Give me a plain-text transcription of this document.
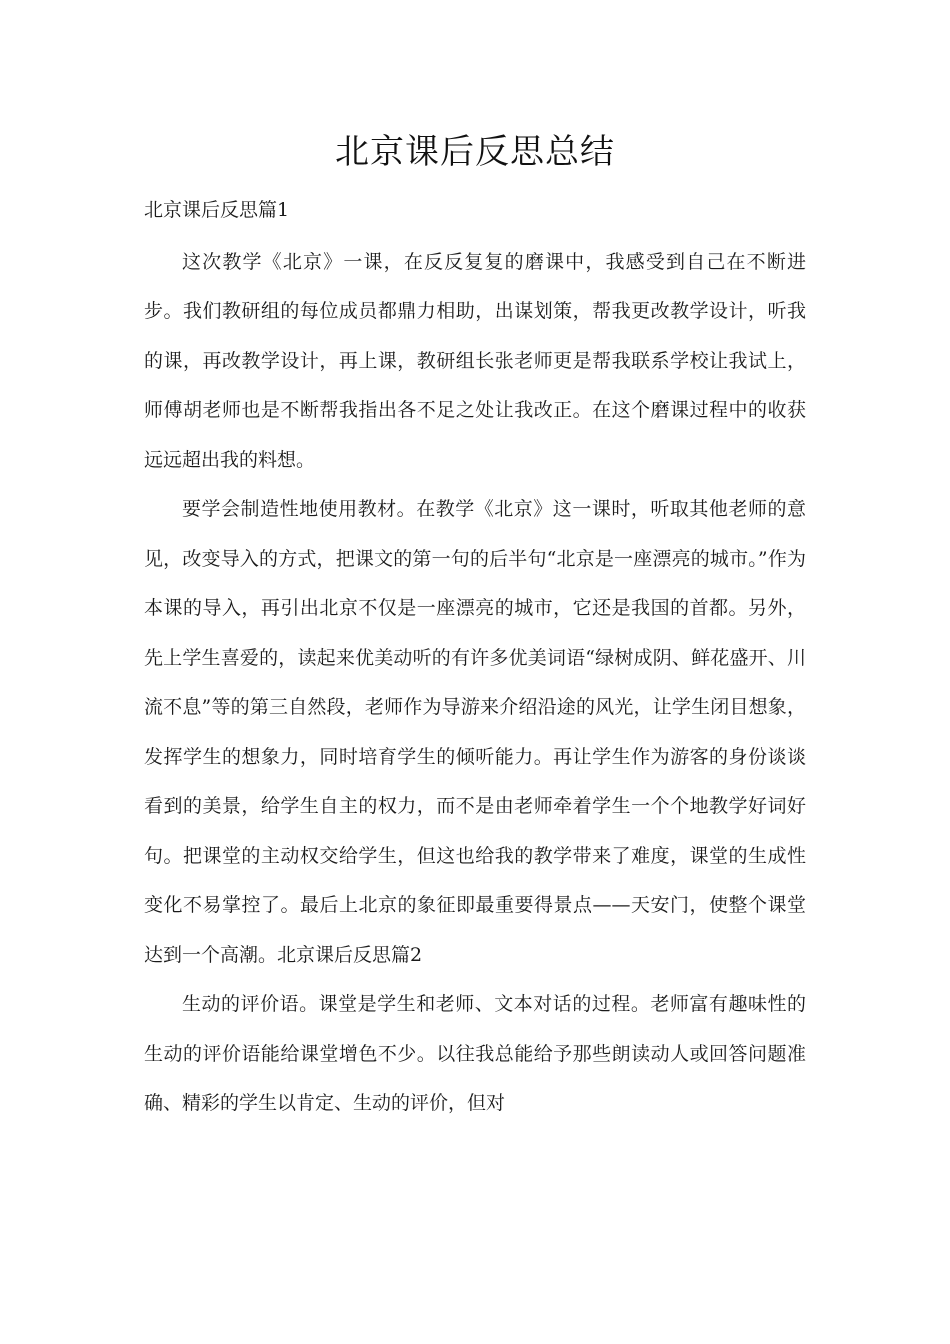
北京课后反思总结

北京课后反思篇1

这次教学《北京》一课，在反反复复的磨课中，我感受到自己在不断进步。我们教研组的每位成员都鼎力相助，出谋划策，帮我更改教学设计，听我的课，再改教学设计，再上课，教研组长张老师更是帮我联系学校让我试上，师傅胡老师也是不断帮我指出各不足之处让我改正。在这个磨课过程中的收获远远超出我的料想。

要学会制造性地使用教材。在教学《北京》这一课时，听取其他老师的意见，改变导入的方式，把课文的第一句的后半句“北京是一座漂亮的城市。”作为本课的导入，再引出北京不仅是一座漂亮的城市，它还是我国的首都。另外，先上学生喜爱的，读起来优美动听的有许多优美词语“绿树成阴、鲜花盛开、川流不息”等的第三自然段，老师作为导游来介绍沿途的风光，让学生闭目想象，发挥学生的想象力，同时培育学生的倾听能力。再让学生作为游客的身份谈谈看到的美景，给学生自主的权力，而不是由老师牵着学生一个个地教学好词好句。把课堂的主动权交给学生，但这也给我的教学带来了难度，课堂的生成性变化不易掌控了。最后上北京的象征即最重要得景点——天安门，使整个课堂达到一个高潮。北京课后反思篇2

生动的评价语。课堂是学生和老师、文本对话的过程。老师富有趣味性的生动的评价语能给课堂增色不少。以往我总能给予那些朗读动人或回答问题准确、精彩的学生以肯定、生动的评价，但对
